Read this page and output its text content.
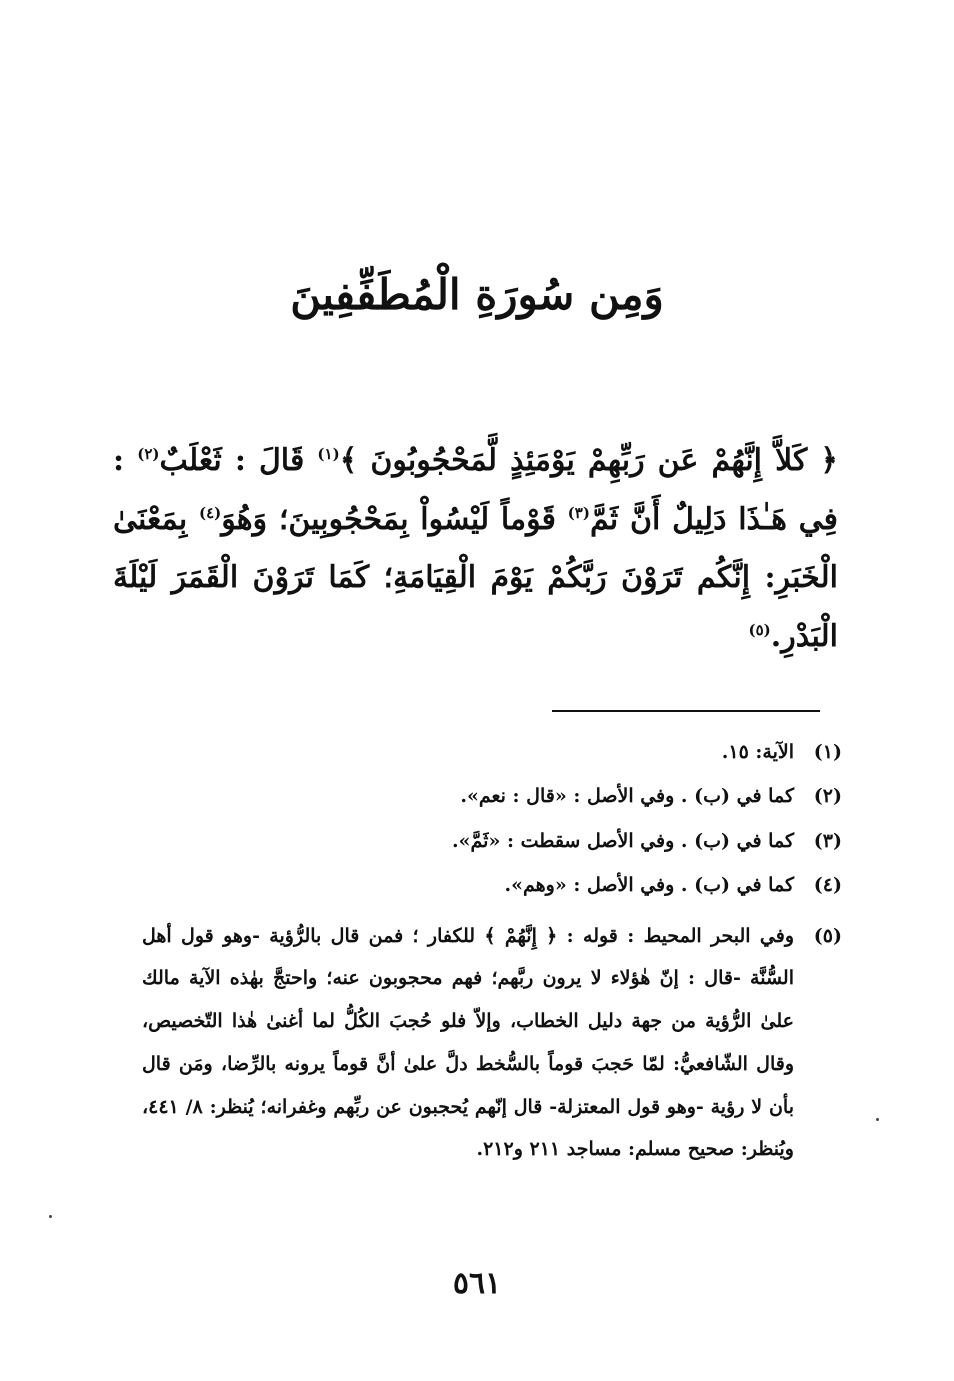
وَمِن سُورَةِ الْمُطَفِّفِينَ

﴿ كَلاَّ إِنَّهُمْ عَن رَبِّهِمْ يَوْمَئِذٍ لَّمَحْجُوبُونَ ﴾$^{(١)}$ قَالَ : ثَعْلَبٌ$^{(٢)}$ : فِي هَـٰذَا دَلِيلٌ أَنَّ ثَمَّ$^{(٣)}$ قَوْماً لَيْسُواْ بِمَحْجُوبِينَ؛ وَهُوَ$^{(٤)}$ بِمَعْنَىٰ الْخَبَرِ: إِنَّكُم تَرَوْنَ رَبَّكُمْ يَوْمَ الْقِيَامَةِ؛ كَمَا تَرَوْنَ الْقَمَرَ لَيْلَةَ الْبَدْرِ.$^{(٥)}$

(١)
الآية: ١٥.
(٢)
كما في (ب) . وفي الأصل : «قال : نعم».
(٣)
كما في (ب) . وفي الأصل سقطت : «ثَمَّ».
(٤)
كما في (ب) . وفي الأصل : «وهم».
(٥)
وفي البحر المحيط : قوله : ﴿ إِنَّهُمْ ﴾ للكفار ؛ فمن قال بالرُّؤية -وهو قول أهل السُّنَّة -قال : إنّ هٰؤلاء لا يرون ربَّهم؛ فهم محجوبون عنه؛ واحتجَّ بهٰذه الآية مالك علىٰ الرُّؤية من جهة دليل الخطاب، وإلاّ فلو حُجبَ الكُلُّ لما أغنىٰ هٰذا التّخصيص، وقال الشّافعيُّ: لمّا حَجبَ قوماً بالسُّخط دلَّ علىٰ أنَّ قوماً يرونه بالرِّضا، ومَن قال بأن لا رؤية -وهو قول المعتزلة- قال إنّهم يُحجبون عن ربِّهم وغفرانه؛ يُنظر: ٨/ ٤٤١، ويُنظر: صحيح مسلم: مساجد ٢١١ و٢١٢.
٥٦١
